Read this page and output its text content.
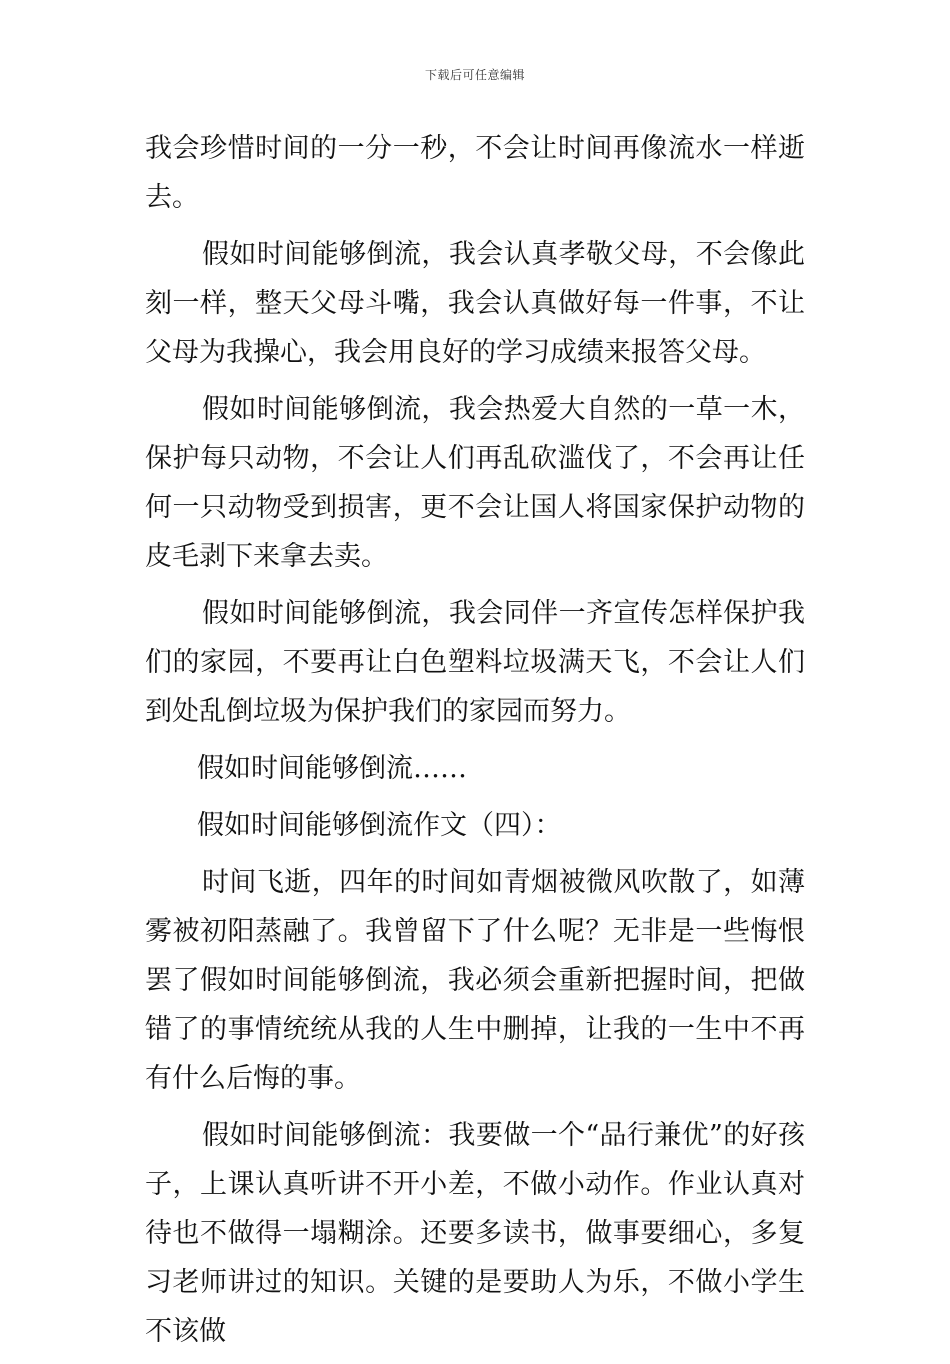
下载后可任意编辑

我会珍惜时间的一分一秒，不会让时间再像流水一样逝去。

假如时间能够倒流，我会认真孝敬父母，不会像此刻一样，整天父母斗嘴，我会认真做好每一件事，不让父母为我操心，我会用良好的学习成绩来报答父母。

假如时间能够倒流，我会热爱大自然的一草一木，保护每只动物，不会让人们再乱砍滥伐了，不会再让任何一只动物受到损害，更不会让国人将国家保护动物的皮毛剥下来拿去卖。

假如时间能够倒流，我会同伴一齐宣传怎样保护我们的家园，不要再让白色塑料垃圾满天飞，不会让人们到处乱倒垃圾为保护我们的家园而努力。

假如时间能够倒流……

假如时间能够倒流作文（四）：

时间飞逝，四年的时间如青烟被微风吹散了，如薄雾被初阳蒸融了。我曾留下了什么呢？无非是一些悔恨罢了假如时间能够倒流，我必须会重新把握时间，把做错了的事情统统从我的人生中删掉，让我的一生中不再有什么后悔的事。

假如时间能够倒流：我要做一个“品行兼优”的好孩子，上课认真听讲不开小差，不做小动作。作业认真对待也不做得一塌糊涂。还要多读书，做事要细心，多复习老师讲过的知识。关键的是要助人为乐，不做小学生不该做
